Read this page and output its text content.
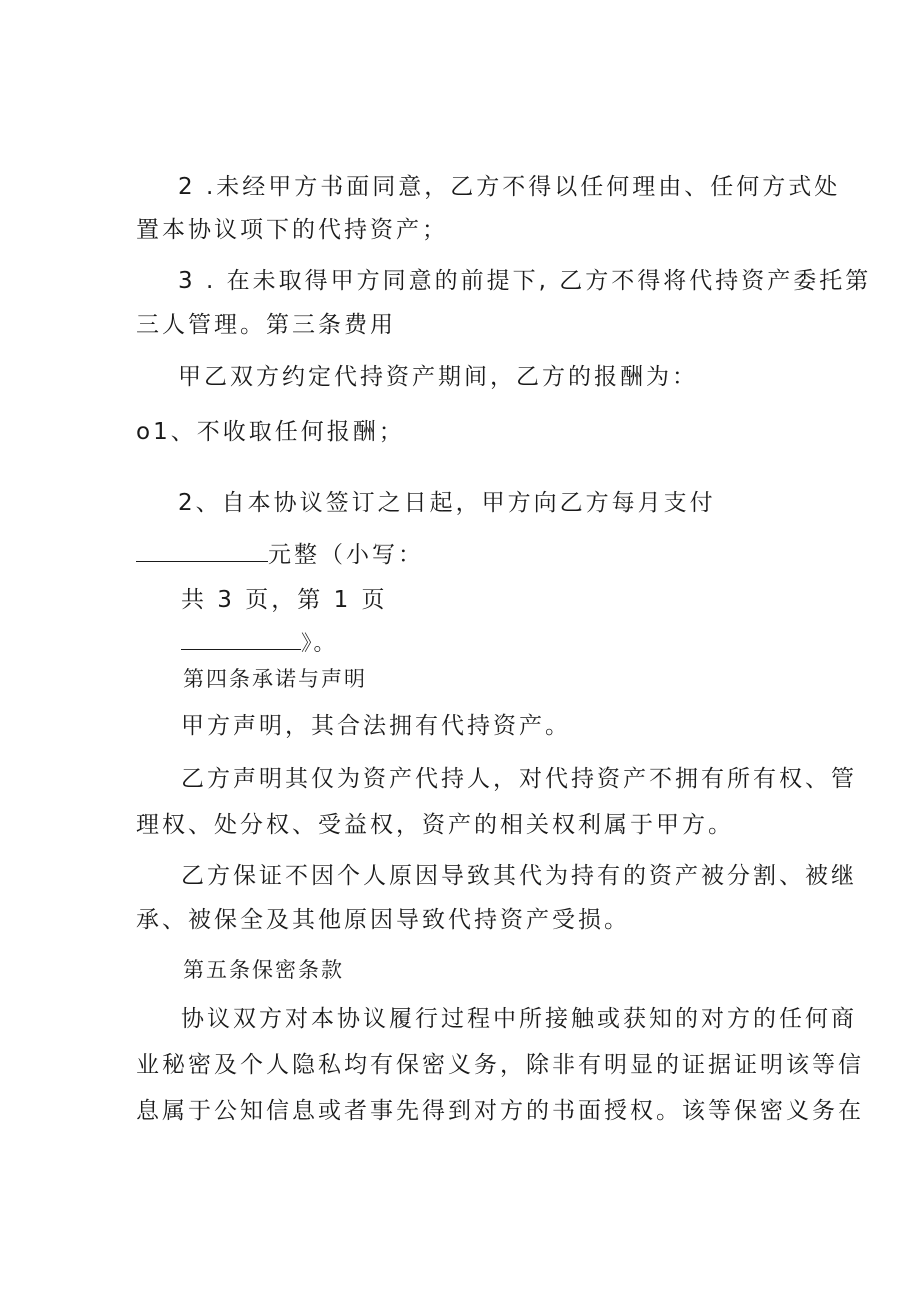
2 .未经甲方书面同意，乙方不得以任何理由、任何方式处
置本协议项下的代持资产；
3 . 在未取得甲方同意的前提下, 乙方不得将代持资产委托第
三人管理。第三条费用
甲乙双方约定代持资产期间，乙方的报酬为：
o1、不收取任何报酬；
2、自本协议签订之日起，甲方向乙方每月支付
元整（小写：
共 3 页，第 1 页
》。
第四条承诺与声明
甲方声明，其合法拥有代持资产。
乙方声明其仅为资产代持人，对代持资产不拥有所有权、管
理权、处分权、受益权，资产的相关权利属于甲方。
乙方保证不因个人原因导致其代为持有的资产被分割、被继
承、被保全及其他原因导致代持资产受损。
第五条保密条款
协议双方对本协议履行过程中所接触或获知的对方的任何商
业秘密及个人隐私均有保密义务，除非有明显的证据证明该等信
息属于公知信息或者事先得到对方的书面授权。该等保密义务在
